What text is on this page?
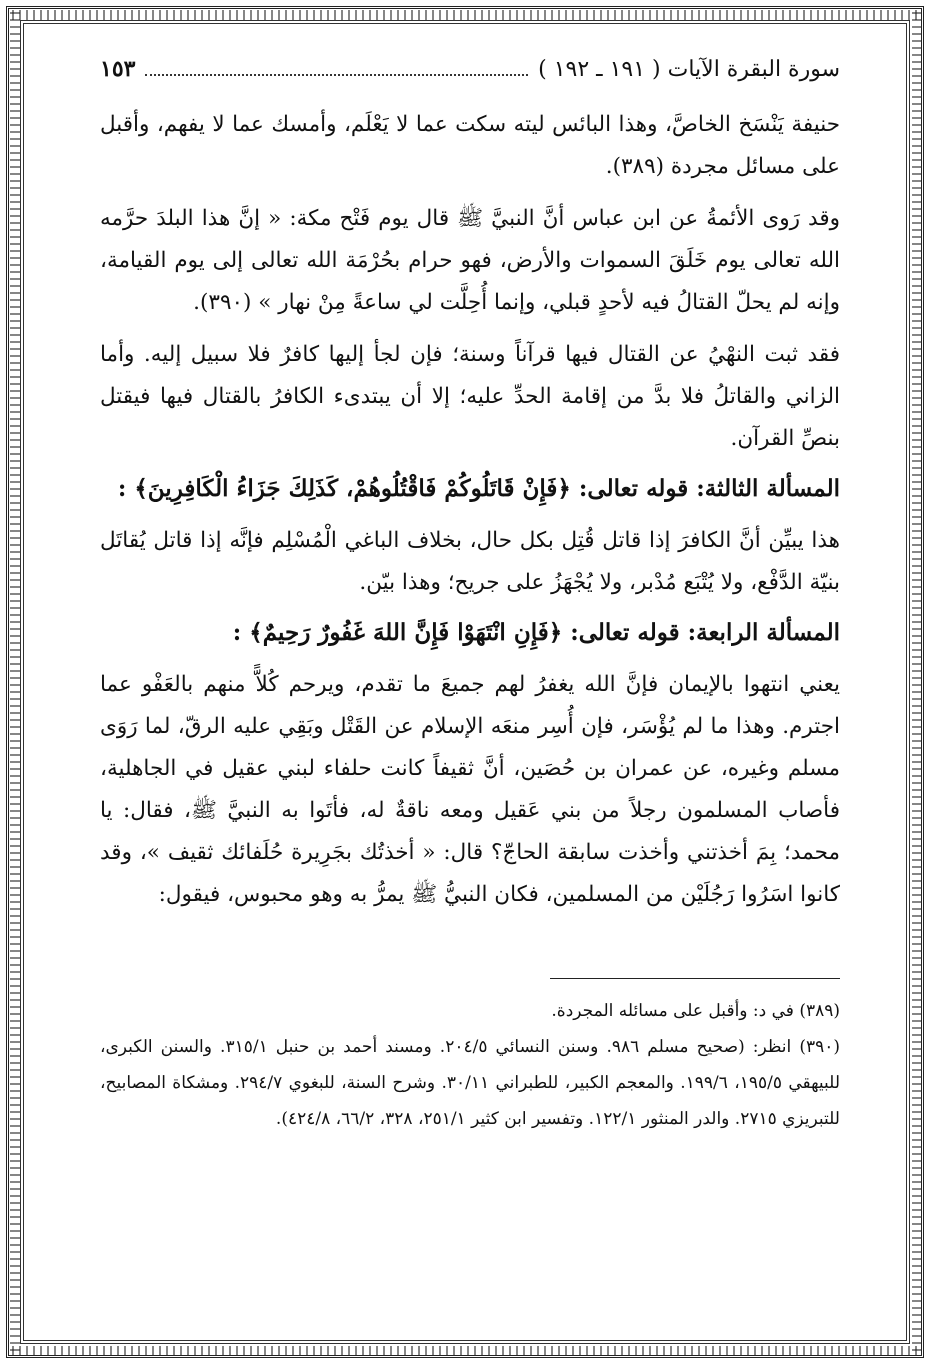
سورة البقرة الآيات ( ١٩١ ـ ١٩٢ )
١٥٣

حنيفة يَنْسَخ الخاصَّ، وهذا البائس ليته سكت عما لا يَعْلَم، وأمسك عما لا يفهم، وأقبل على مسائل مجردة (٣٨٩).

وقد رَوى الأئمةُ عن ابن عباس أنَّ النبيَّ ﷺ قال يوم فَتْح مكة: « إنَّ هذا البلدَ حرَّمه الله تعالى يوم خَلَقَ السموات والأرض، فهو حرام بحُرْمَة الله تعالى إلى يوم القيامة، وإنه لم يحلّ القتالُ فيه لأحدٍ قبلي، وإنما أُحِلَّت لي ساعةً مِنْ نهار » (٣٩٠).

فقد ثبت النهْيُ عن القتال فيها قرآناً وسنة؛ فإن لجأ إليها كافرٌ فلا سبيل إليه. وأما الزاني والقاتلُ فلا بدَّ من إقامة الحدِّ عليه؛ إلا أن يبتدىء الكافرُ بالقتال فيها فيقتل بنصِّ القرآن.

المسألة الثالثة: قوله تعالى: ﴿فَإِنْ قَاتَلُوكُمْ فَاقْتُلُوهُمْ، كَذَلِكَ جَزَاءُ الْكَافِرِينَ﴾ :

هذا يبيِّن أنَّ الكافرَ إذا قاتل قُتِل بكل حال، بخلاف الباغي الْمُسْلِم فإنَّه إذا قاتل يُقاتَل بنيّة الدَّفْع، ولا يُتْبَع مُدْبر، ولا يُجْهَزُ على جريح؛ وهذا بيّن.

المسألة الرابعة: قوله تعالى: ﴿فَإِنِ انْتَهَوْا فَإِنَّ اللهَ غَفُورٌ رَحِيمٌ﴾ :

يعني انتهوا بالإيمان فإنَّ الله يغفرُ لهم جميعَ ما تقدم، ويرحم كُلاًّ منهم بالعَفْو عما اجترم. وهذا ما لم يُؤْسَر، فإن أُسِر منعَه الإسلام عن القَتْل وبَقِي عليه الرقّ، لما رَوَى مسلم وغيره، عن عمران بن حُصَين، أنَّ ثقيفاً كانت حلفاء لبني عقيل في الجاهلية، فأصاب المسلمون رجلاً من بني عَقيل ومعه ناقةٌ له، فأتَوا به النبيَّ ﷺ، فقال: يا محمد؛ بِمَ أخذتني وأخذت سابقة الحاجّ؟ قال: « أخذتُك بجَرِيرة حُلَفائك ثقيف »، وقد كانوا اسَرُوا رَجُلَيْن من المسلمين، فكان النبيُّ ﷺ يمرُّ به وهو محبوس، فيقول:

(٣٨٩) في د: وأقبل على مسائله المجردة.

(٣٩٠) انظر: (صحيح مسلم ٩٨٦. وسنن النسائي ٢٠٤/٥. ومسند أحمد بن حنبل ٣١٥/١. والسنن الكبرى، للبيهقي ١٩٥/٥، ١٩٩/٦. والمعجم الكبير، للطبراني ٣٠/١١. وشرح السنة، للبغوي ٢٩٤/٧. ومشكاة المصابيح، للتبريزي ٢٧١٥. والدر المنثور ١٢٢/١. وتفسير ابن كثير ٢٥١/١، ٣٢٨، ٦٦/٢، ٤٢٤/٨).
